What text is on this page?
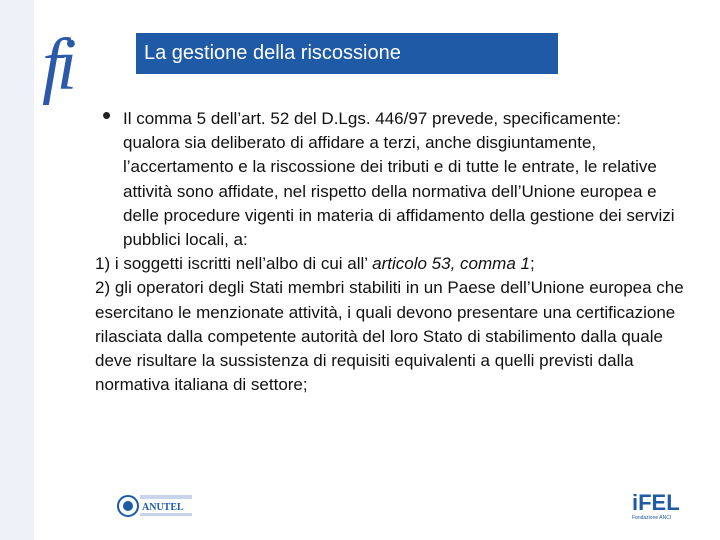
fi	La gestione della riscossione
• Il comma 5 dell’art. 52 del D.Lgs. 446/97 prevede, specificamente:

qualora sia deliberato di affidare a terzi, anche disgiuntamente, l’accertamento e la riscossione dei tributi e di tutte le entrate, le relative attività sono affidate, nel rispetto della normativa dell’Unione europea e delle procedure vigenti in materia di affidamento della gestione dei servizi pubblici locali, a:

1) i soggetti iscritti nell’albo di cui all’ articolo 53, comma 1;

2) gli operatori degli Stati membri stabiliti in un Paese dell’Unione europea che esercitano le menzionate attività, i quali devono presentare una certificazione rilasciata dalla competente autorità del loro Stato di stabilimento dalla quale deve risultare la sussistenza di requisiti equivalenti a quelli previsti dalla normativa italiana di settore;

ANUTEL	iFEL
Fondazione ANCI
